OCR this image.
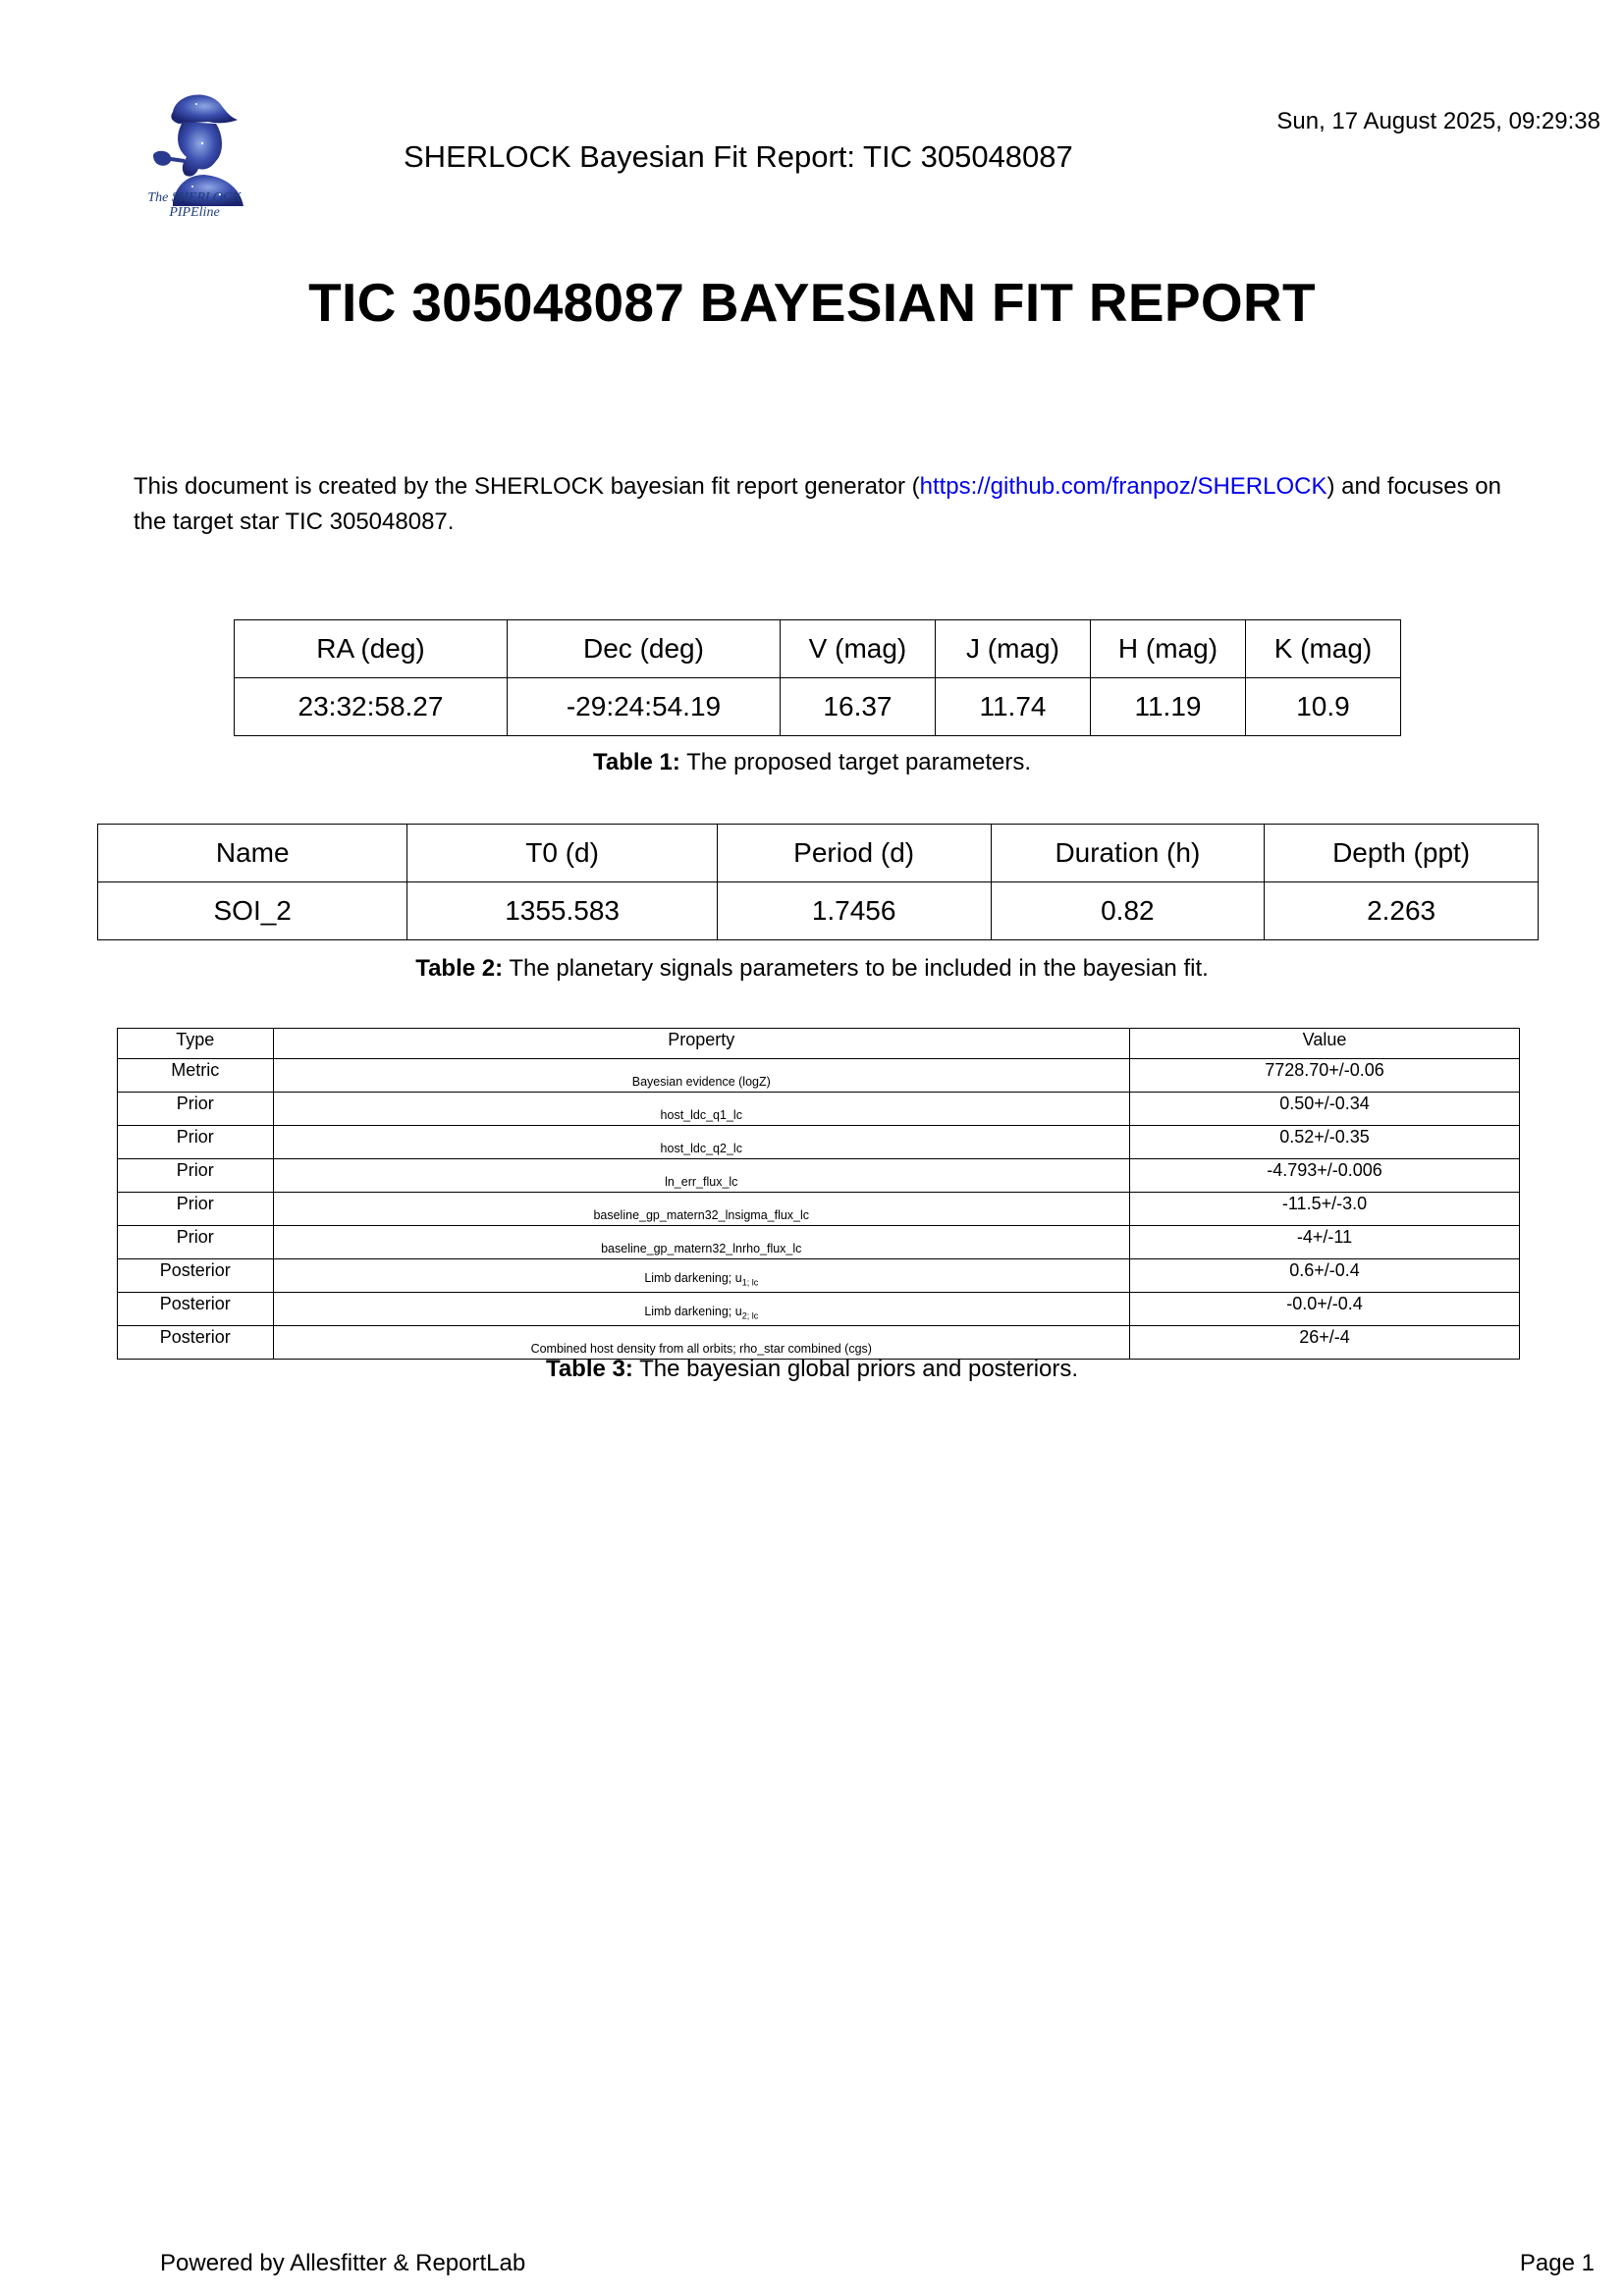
The SHERLOCK
PIPEline
SHERLOCK Bayesian Fit Report: TIC 305048087
Sun, 17 August 2025, 09:29:38
TIC 305048087 BAYESIAN FIT REPORT
This document is created by the SHERLOCK bayesian fit report generator (https://github.com/franpoz/SHERLOCK) and focuses on the target star TIC 305048087.
RA (deg)	Dec (deg)	V (mag)	J (mag)	H (mag)	K (mag)
23:32:58.27	-29:24:54.19	16.37	11.74	11.19	10.9
Table 1: The proposed target parameters.
Name	T0 (d)	Period (d)	Duration (h)	Depth (ppt)
SOI_2	1355.583	1.7456	0.82	2.263
Table 2: The planetary signals parameters to be included in the bayesian fit.
Type	Property	Value
Metric	Bayesian evidence (logZ)	7728.70+/-0.06
Prior	host_ldc_q1_lc	0.50+/-0.34
Prior	host_ldc_q2_lc	0.52+/-0.35
Prior	ln_err_flux_lc	-4.793+/-0.006
Prior	baseline_gp_matern32_lnsigma_flux_lc	-11.5+/-3.0
Prior	baseline_gp_matern32_lnrho_flux_lc	-4+/-11
Posterior	Limb darkening; $u_{1; lc}$	0.6+/-0.4
Posterior	Limb darkening; $u_{2; lc}$	-0.0+/-0.4
Posterior	Combined host density from all orbits; rho_star combined (cgs)	26+/-4
Table 3: The bayesian global priors and posteriors.
Powered by Allesfitter & ReportLab	Page 1
